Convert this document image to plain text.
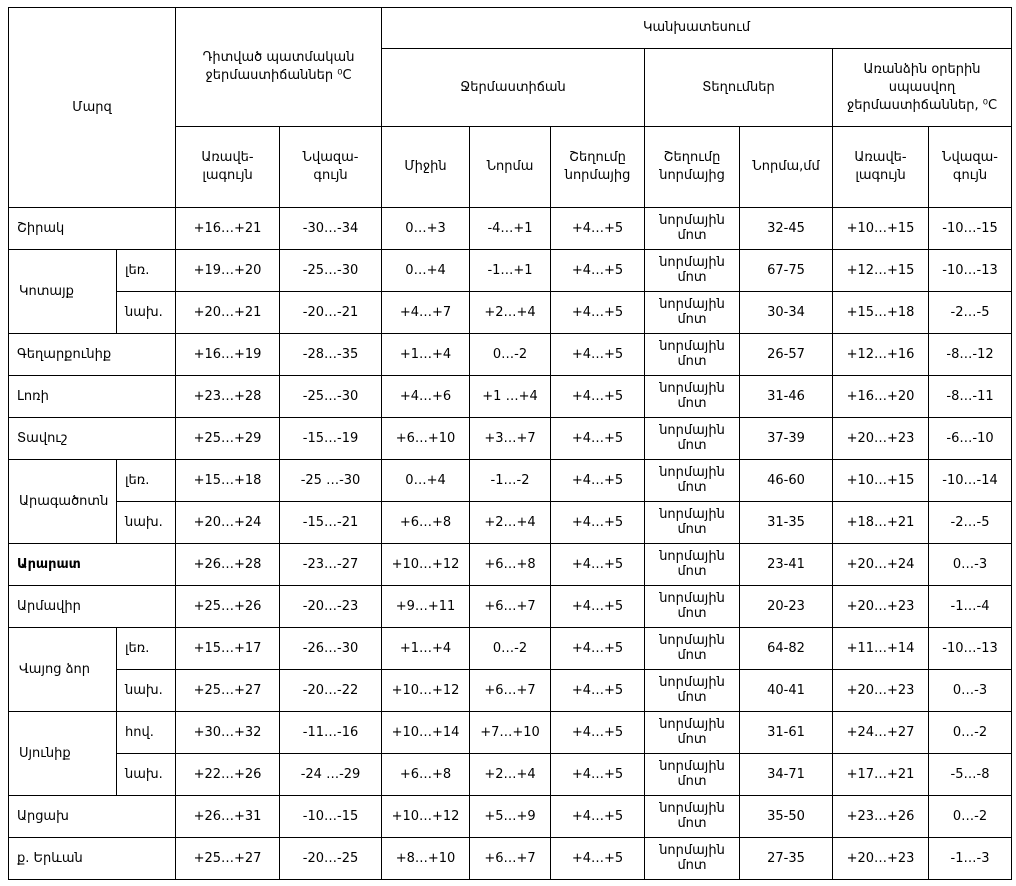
Մարզ		Դիտված պատմական ջերմաստիճաններ ⁰C		Կանխատեսում						
				Ջերմաստիճան			Տեղումներ		Առանձին օրերին սպասվող ջերմաստիճաններ, ⁰C	
		Առավե-լագույն	Նվազա-գույն	Միջին	Նորմա	Շեղումը նորմայից	Շեղումը նորմայից	Նորմա,մմ	Առավե-լագույն	Նվազա-գույն
Շիրակ		+16…+21	-30…-34	0…+3	-4…+1	+4…+5	նորմային մոտ	32-45	+10…+15	-10…-15
Կոտայք	լեռ.	+19…+20	-25…-30	0…+4	-1…+1	+4…+5	նորմային մոտ	67-75	+12…+15	-10…-13
	նախ.	+20…+21	-20…-21	+4…+7	+2…+4	+4…+5	նորմային մոտ	30-34	+15…+18	-2…-5
Գեղարքունիք		+16…+19	-28…-35	+1…+4	0…-2	+4…+5	նորմային մոտ	26-57	+12…+16	-8…-12
Լոռի		+23…+28	-25…-30	+4…+6	+1 …+4	+4…+5	նորմային մոտ	31-46	+16…+20	-8…-11
Տավուշ		+25…+29	-15…-19	+6…+10	+3…+7	+4…+5	նորմային մոտ	37-39	+20…+23	-6…-10
Արագածոտն	լեռ.	+15…+18	-25 …-30	0…+4	-1…-2	+4…+5	նորմային մոտ	46-60	+10…+15	-10…-14
	նախ.	+20…+24	-15…-21	+6…+8	+2…+4	+4…+5	նորմային մոտ	31-35	+18…+21	-2…-5
Արարատ		+26…+28	-23…-27	+10…+12	+6…+8	+4…+5	նորմային մոտ	23-41	+20…+24	0…-3
Արմավիր		+25…+26	-20…-23	+9…+11	+6…+7	+4…+5	նորմային մոտ	20-23	+20…+23	-1…-4
Վայոց ձոր	լեռ.	+15…+17	-26…-30	+1…+4	0…-2	+4…+5	նորմային մոտ	64-82	+11…+14	-10…-13
	նախ.	+25…+27	-20…-22	+10…+12	+6…+7	+4…+5	նորմային մոտ	40-41	+20…+23	0…-3
Սյունիք	հով.	+30…+32	-11…-16	+10…+14	+7…+10	+4…+5	նորմային մոտ	31-61	+24…+27	0…-2
	նախ.	+22…+26	-24 …-29	+6…+8	+2…+4	+4…+5	նորմային մոտ	34-71	+17…+21	-5…-8
Արցախ		+26…+31	-10…-15	+10…+12	+5…+9	+4…+5	նորմային մոտ	35-50	+23…+26	0…-2
ք. Երևան		+25…+27	-20…-25	+8…+10	+6…+7	+4…+5	նորմային մոտ	27-35	+20…+23	-1…-3
